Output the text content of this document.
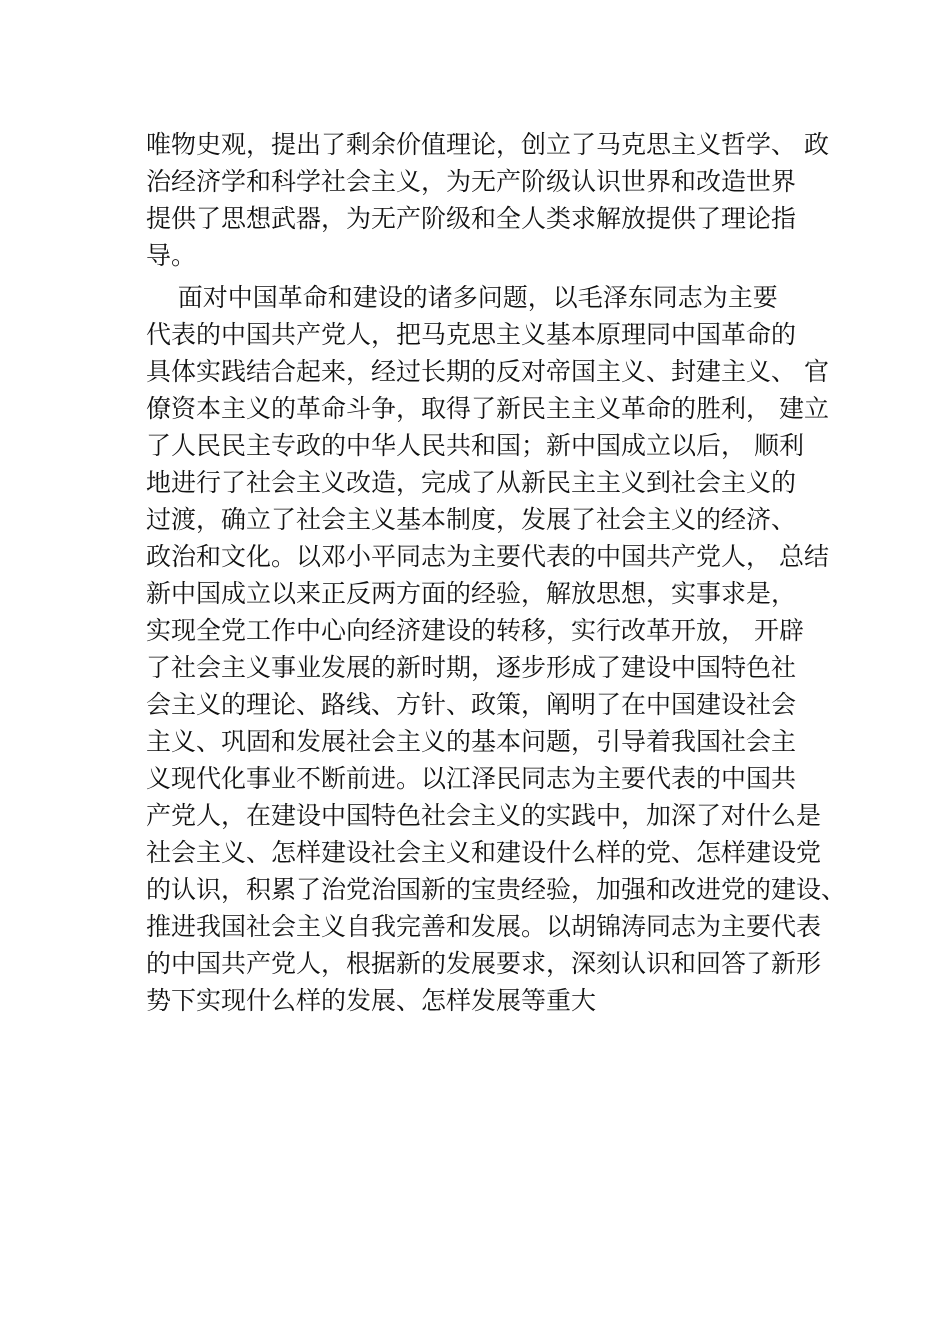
唯物史观，提出了剩余价值理论，创立了马克思主义哲学、 政
治经济学和科学社会主义，为无产阶级认识世界和改造世界
提供了思想武器，为无产阶级和全人类求解放提供了理论指
导。

面对中国革命和建设的诸多问题，以毛泽东同志为主要
代表的中国共产党人，把马克思主义基本原理同中国革命的
具体实践结合起来，经过长期的反对帝国主义、封建主义、 官
僚资本主义的革命斗争，取得了新民主主义革命的胜利， 建立
了人民民主专政的中华人民共和国；新中国成立以后， 顺利
地进行了社会主义改造，完成了从新民主主义到社会主义的
过渡，确立了社会主义基本制度，发展了社会主义的经济、
政治和文化。以邓小平同志为主要代表的中国共产党人， 总结
新中国成立以来正反两方面的经验，解放思想，实事求是，
实现全党工作中心向经济建设的转移，实行改革开放， 开辟
了社会主义事业发展的新时期，逐步形成了建设中国特色社
会主义的理论、路线、方针、政策，阐明了在中国建设社会
主义、巩固和发展社会主义的基本问题，引导着我国社会主
义现代化事业不断前进。以江泽民同志为主要代表的中国共
产党人，在建设中国特色社会主义的实践中，加深了对什么是
社会主义、怎样建设社会主义和建设什么样的党、怎样建设党
的认识，积累了治党治国新的宝贵经验，加强和改进党的建设、
推进我国社会主义自我完善和发展。以胡锦涛同志为主要代表
的中国共产党人，根据新的发展要求，深刻认识和回答了新形
势下实现什么样的发展、怎样发展等重大
